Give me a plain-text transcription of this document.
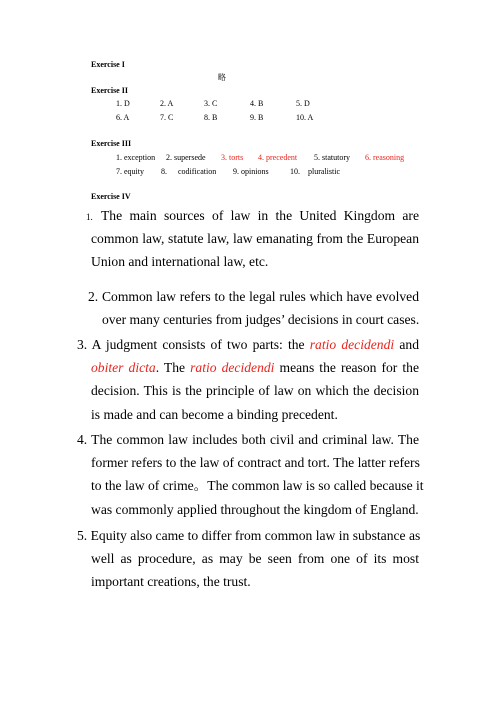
Exercise I
略
Exercise II
1. D	2. A	3. C	4. B	5. D
6. A	7. C	8. B	9. B	10. A
Exercise III
1. exception 2. supersede 3. torts 4. precedent 5. statutory 6. reasoning
7. equity 8. codification 9. opinions	10. pluralistic
Exercise IV
1. The main sources of law in the United Kingdom are
common law, statute law, law emanating from the European
Union and international law, etc.
2. Common law refers to the legal rules which have evolved
over many centuries from judges’ decisions in court cases.
3. A judgment consists of two parts: the ratio decidendi and
obiter dicta. The ratio decidendi means the reason for the
decision. This is the principle of law on which the decision
is made and can become a binding precedent.
4. The common law includes both civil and criminal law. The
former refers to the law of contract and tort. The latter refers
to the law of crime。The common law is so called because it
was commonly applied throughout the kingdom of England.
5. Equity also came to differ from common law in substance as
well as procedure, as may be seen from one of its most
important creations, the trust.
